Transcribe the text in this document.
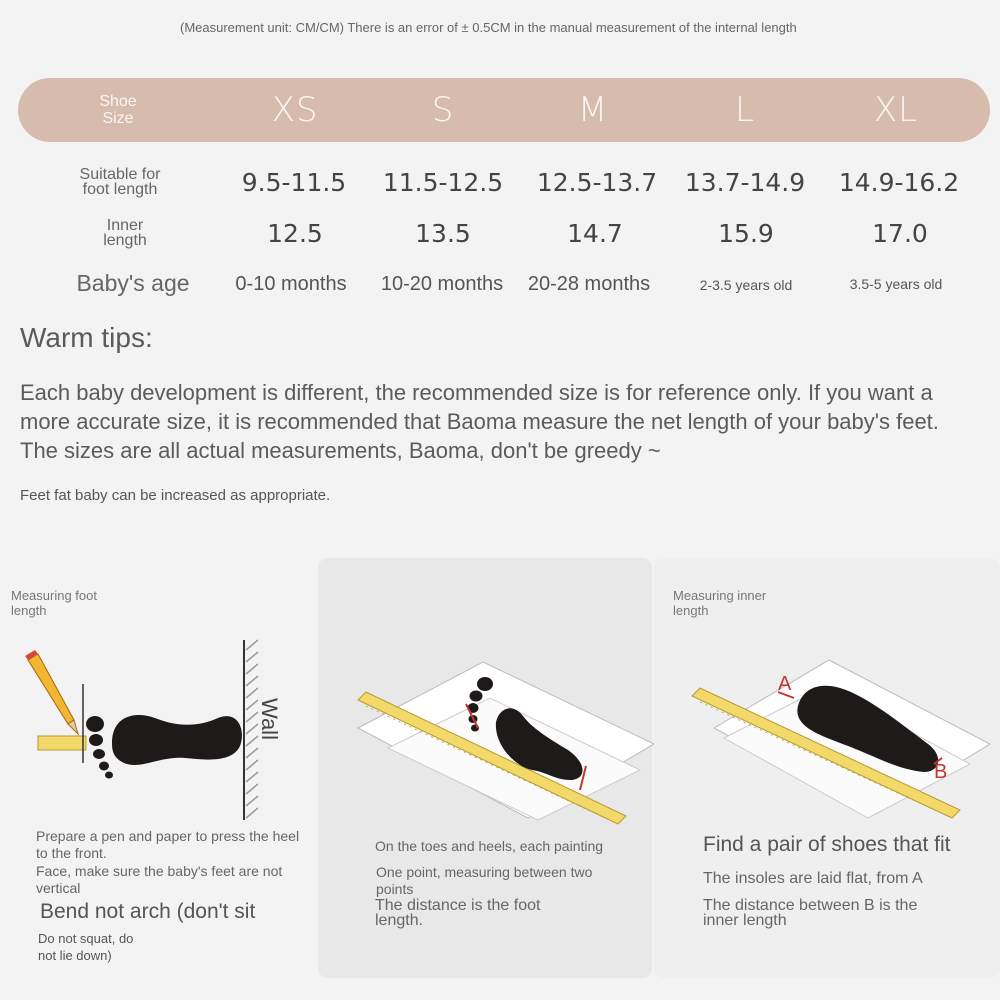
(Measurement unit: CM/CM) There is an error of ± 0.5CM in the manual measurement of the internal length
Shoe
Size	XS	S	M	L	XL
Suitable for
foot length	9.5-11.5	11.5-12.5	12.5-13.7	13.7-14.9	14.9-16.2
Inner
length	12.5	13.5	14.7	15.9	17.0
Baby's age	0-10 months	10-20 months	20-28 months	2-3.5 years old	3.5-5 years old
Warm tips:
Each baby development is different, the recommended size is for reference only. If you want a more accurate size, it is recommended that Baoma measure the net length of your baby's feet. The sizes are all actual measurements, Baoma, don't be greedy ~
Feet fat baby can be increased as appropriate.
Measuring foot
length
Wall
Prepare a pen and paper to press the heel to the front.
Face, make sure the baby's feet are not vertical
Bend not arch (don't sit
Do not squat, do
not lie down)
On the toes and heels, each painting
One point, measuring between two
points
The distance is the foot
length.
Measuring inner
length
A
B
Find a pair of shoes that fit
The insoles are laid flat, from A
The distance between B is the
inner length
